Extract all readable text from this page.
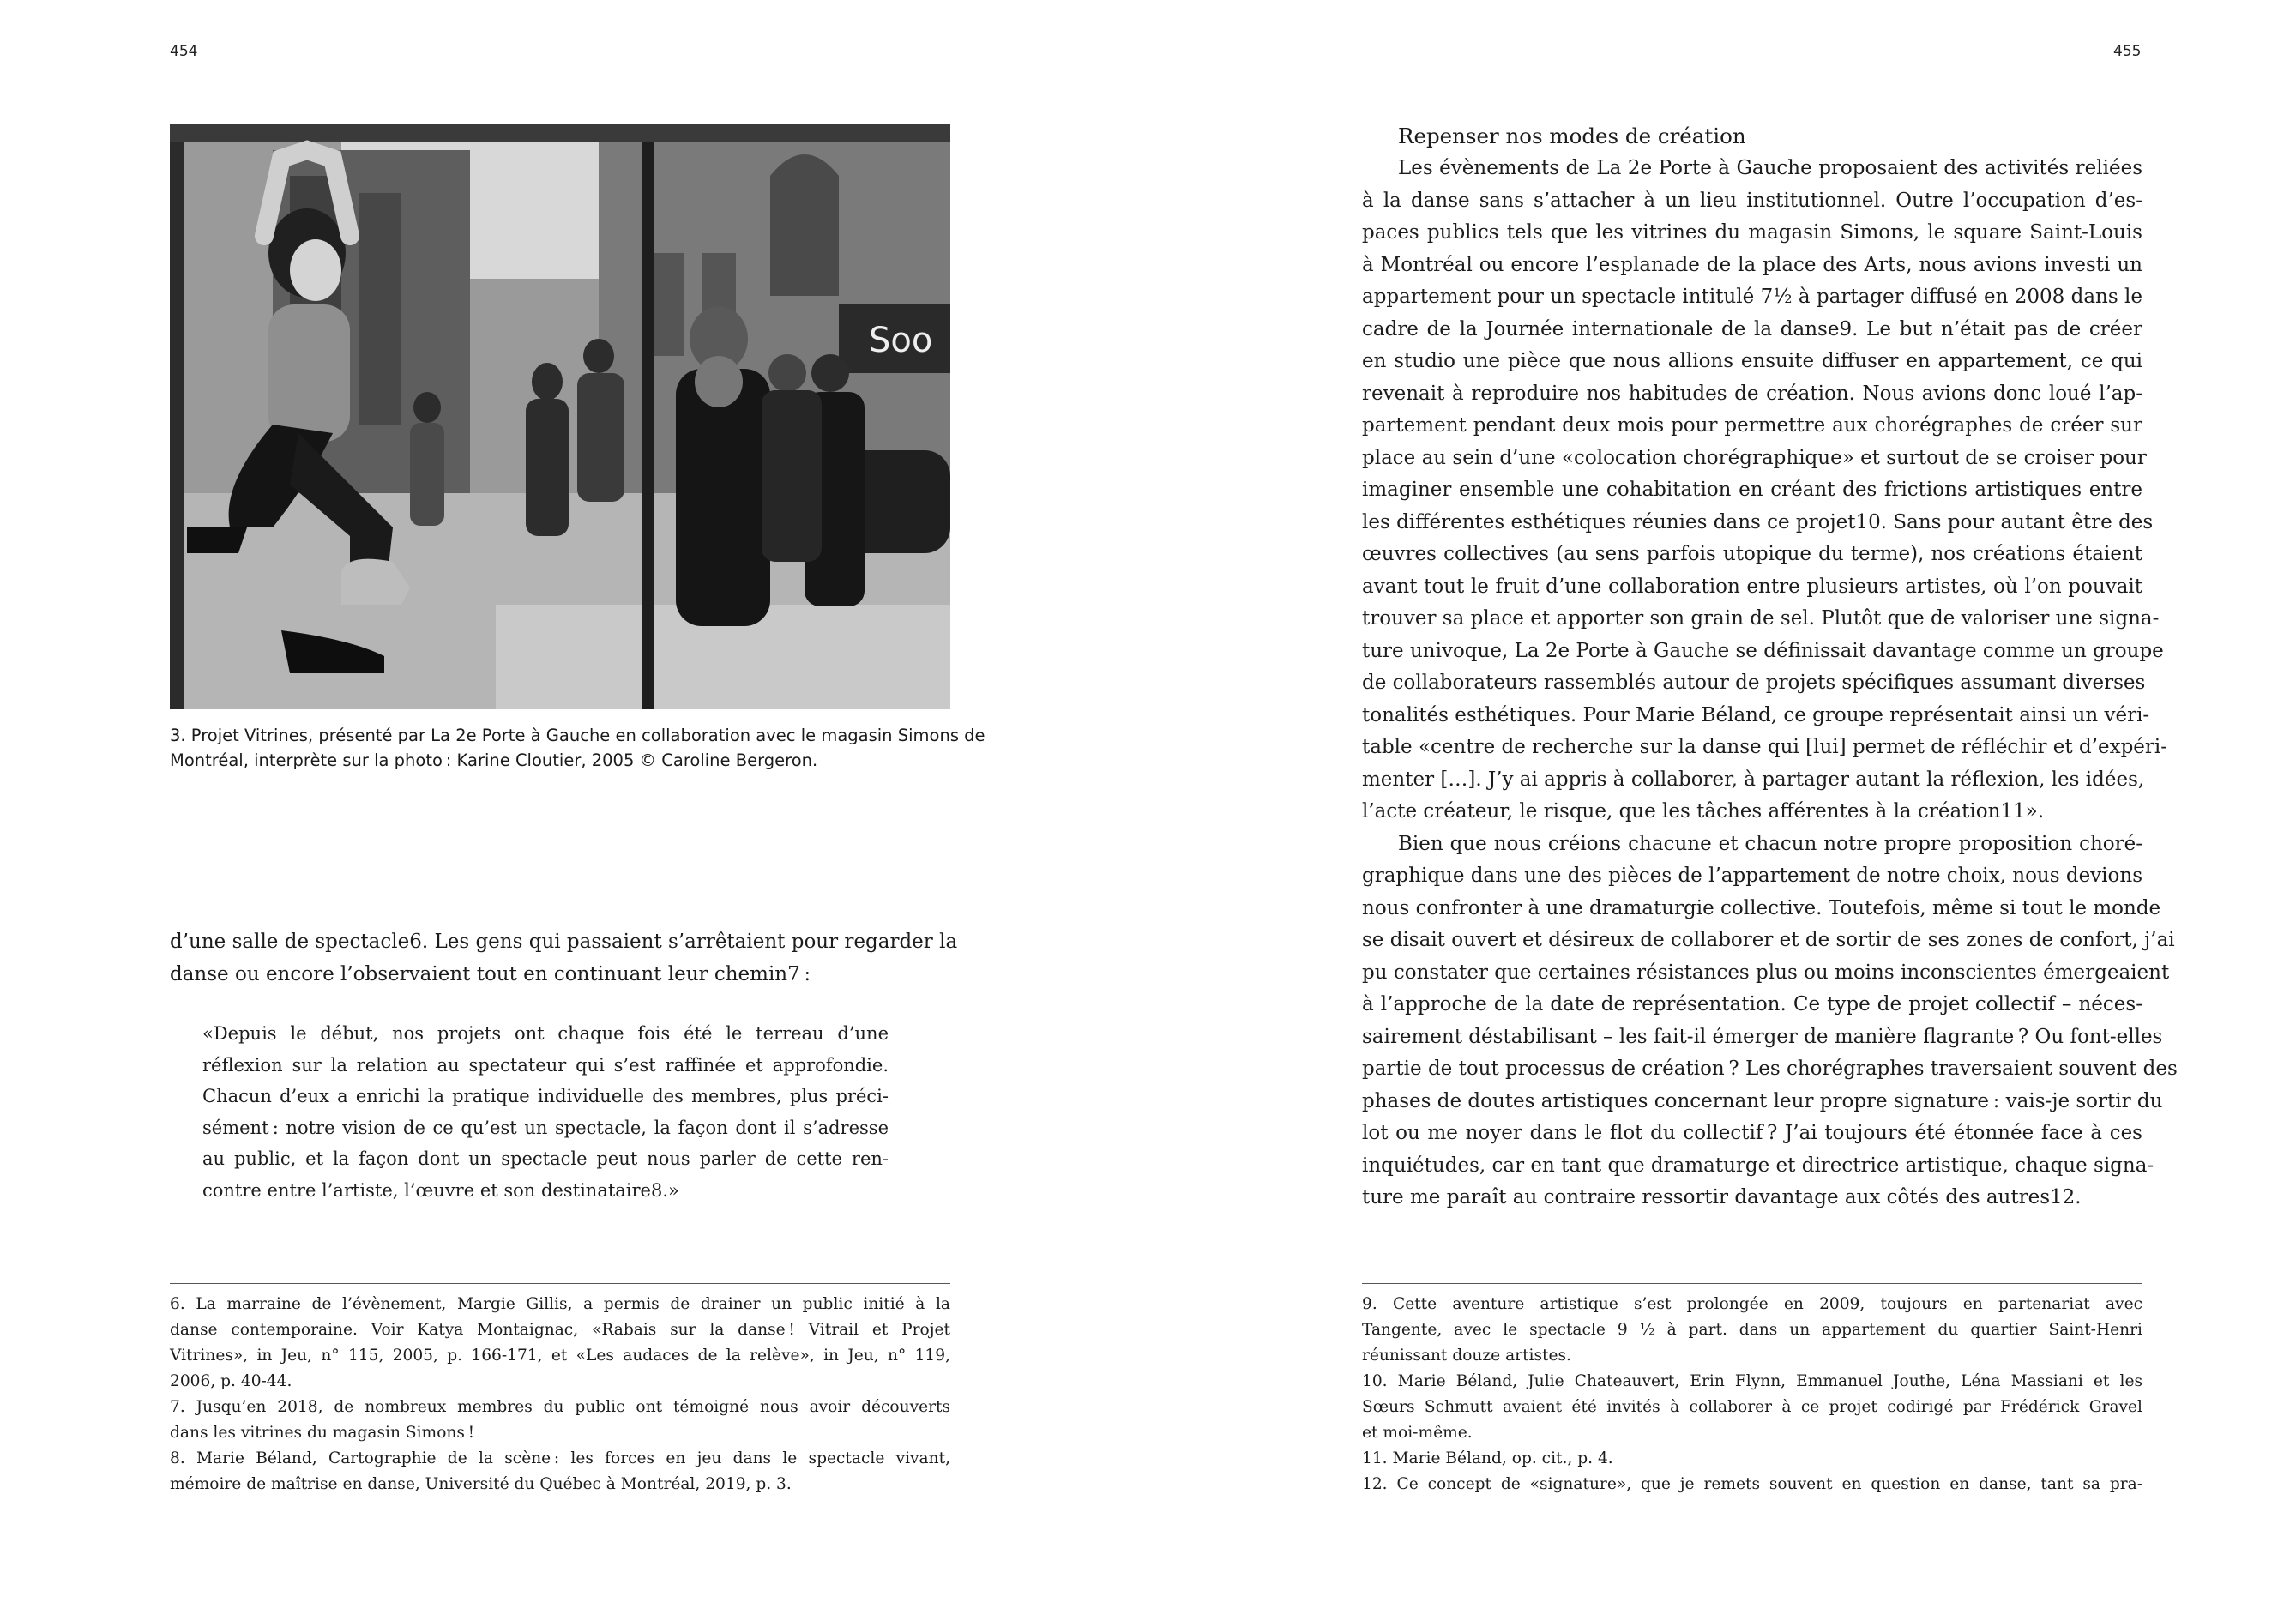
454	455
Soo
3. Projet Vitrines, présenté par La 2e Porte à Gauche en collaboration avec le magasin Simons de
Montréal, interprète sur la photo : Karine Cloutier, 2005 © Caroline Bergeron.
d’une salle de spectacle6. Les gens qui passaient s’arrêtaient pour regarder la
danse ou encore l’observaient tout en continuant leur chemin7 :
«Depuis le début, nos projets ont chaque fois été le terreau d’une
réflexion sur la relation au spectateur qui s’est raffinée et approfondie.
Chacun d’eux a enrichi la pratique individuelle des membres, plus préci-
sément : notre vision de ce qu’est un spectacle, la façon dont il s’adresse
au public, et la façon dont un spectacle peut nous parler de cette ren-
contre entre l’artiste, l’œuvre et son destinataire8.»
6. La marraine de l’évènement, Margie Gillis, a permis de drainer un public initié à la
danse contemporaine. Voir Katya Montaignac, «Rabais sur la danse ! Vitrail et Projet
Vitrines», in Jeu, n° 115, 2005, p. 166-171, et «Les audaces de la relève», in Jeu, n° 119,
2006, p. 40-44.
7. Jusqu’en 2018, de nombreux membres du public ont témoigné nous avoir découverts
dans les vitrines du magasin Simons !
8. Marie Béland, Cartographie de la scène : les forces en jeu dans le spectacle vivant,
mémoire de maîtrise en danse, Université du Québec à Montréal, 2019, p. 3.
Repenser nos modes de création
Les évènements de La 2e Porte à Gauche proposaient des activités reliées
à la danse sans s’attacher à un lieu institutionnel. Outre l’occupation d’es-
paces publics tels que les vitrines du magasin Simons, le square Saint-Louis
à Montréal ou encore l’esplanade de la place des Arts, nous avions investi un
appartement pour un spectacle intitulé 7½ à partager diffusé en 2008 dans le
cadre de la Journée internationale de la danse9. Le but n’était pas de créer
en studio une pièce que nous allions ensuite diffuser en appartement, ce qui
revenait à reproduire nos habitudes de création. Nous avions donc loué l’ap-
partement pendant deux mois pour permettre aux chorégraphes de créer sur
place au sein d’une «colocation chorégraphique» et surtout de se croiser pour
imaginer ensemble une cohabitation en créant des frictions artistiques entre
les différentes esthétiques réunies dans ce projet10. Sans pour autant être des
œuvres collectives (au sens parfois utopique du terme), nos créations étaient
avant tout le fruit d’une collaboration entre plusieurs artistes, où l’on pouvait
trouver sa place et apporter son grain de sel. Plutôt que de valoriser une signa-
ture univoque, La 2e Porte à Gauche se définissait davantage comme un groupe
de collaborateurs rassemblés autour de projets spécifiques assumant diverses
tonalités esthétiques. Pour Marie Béland, ce groupe représentait ainsi un véri-
table «centre de recherche sur la danse qui [lui] permet de réfléchir et d’expéri-
menter […]. J’y ai appris à collaborer, à partager autant la réflexion, les idées,
l’acte créateur, le risque, que les tâches afférentes à la création11».
Bien que nous créions chacune et chacun notre propre proposition choré-
graphique dans une des pièces de l’appartement de notre choix, nous devions
nous confronter à une dramaturgie collective. Toutefois, même si tout le monde
se disait ouvert et désireux de collaborer et de sortir de ses zones de confort, j’ai
pu constater que certaines résistances plus ou moins inconscientes émergeaient
à l’approche de la date de représentation. Ce type de projet collectif – néces-
sairement déstabilisant – les fait-il émerger de manière flagrante ? Ou font-elles
partie de tout processus de création ? Les chorégraphes traversaient souvent des
phases de doutes artistiques concernant leur propre signature : vais-je sortir du
lot ou me noyer dans le flot du collectif ? J’ai toujours été étonnée face à ces
inquiétudes, car en tant que dramaturge et directrice artistique, chaque signa-
ture me paraît au contraire ressortir davantage aux côtés des autres12.
9. Cette aventure artistique s’est prolongée en 2009, toujours en partenariat avec
Tangente, avec le spectacle 9 ½ à part. dans un appartement du quartier Saint-Henri
réunissant douze artistes.
10. Marie Béland, Julie Chateauvert, Erin Flynn, Emmanuel Jouthe, Léna Massiani et les
Sœurs Schmutt avaient été invités à collaborer à ce projet codirigé par Frédérick Gravel
et moi-même.
11. Marie Béland, op. cit., p. 4.
12. Ce concept de «signature», que je remets souvent en question en danse, tant sa pra-
